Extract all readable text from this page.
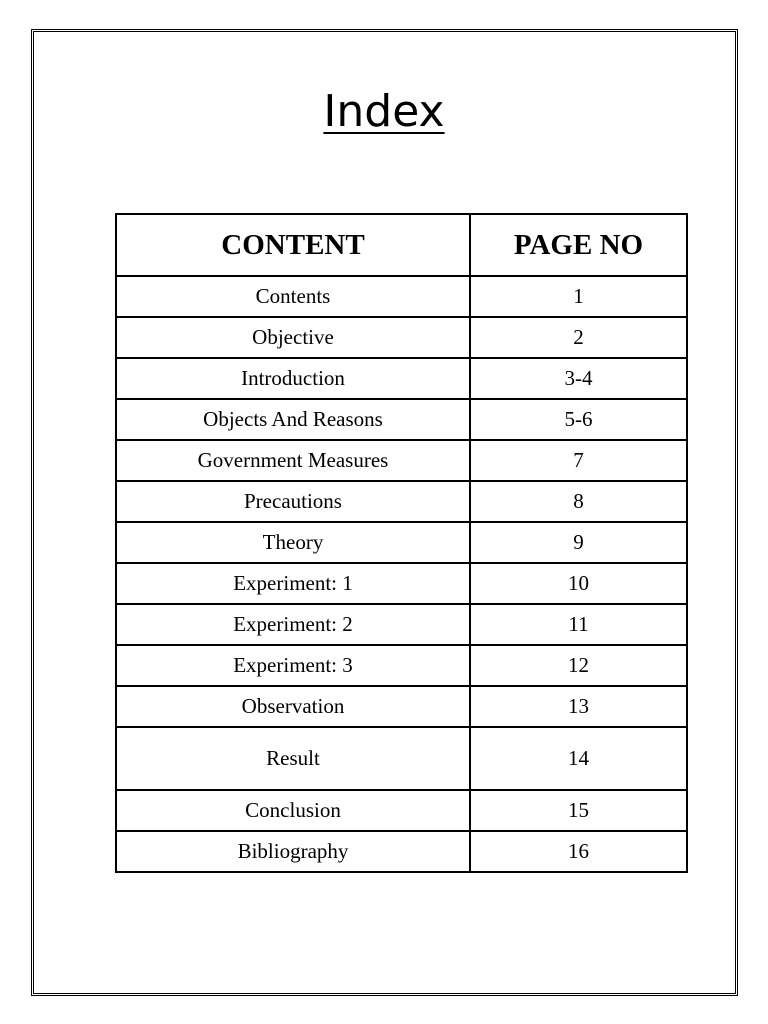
Index
CONTENT	PAGE NO
Contents	1
Objective	2
Introduction	3-4
Objects And Reasons	5-6
Government Measures	7
Precautions	8
Theory	9
Experiment: 1	10
Experiment: 2	11
Experiment: 3	12
Observation	13
Result	14
Conclusion	15
Bibliography	16
